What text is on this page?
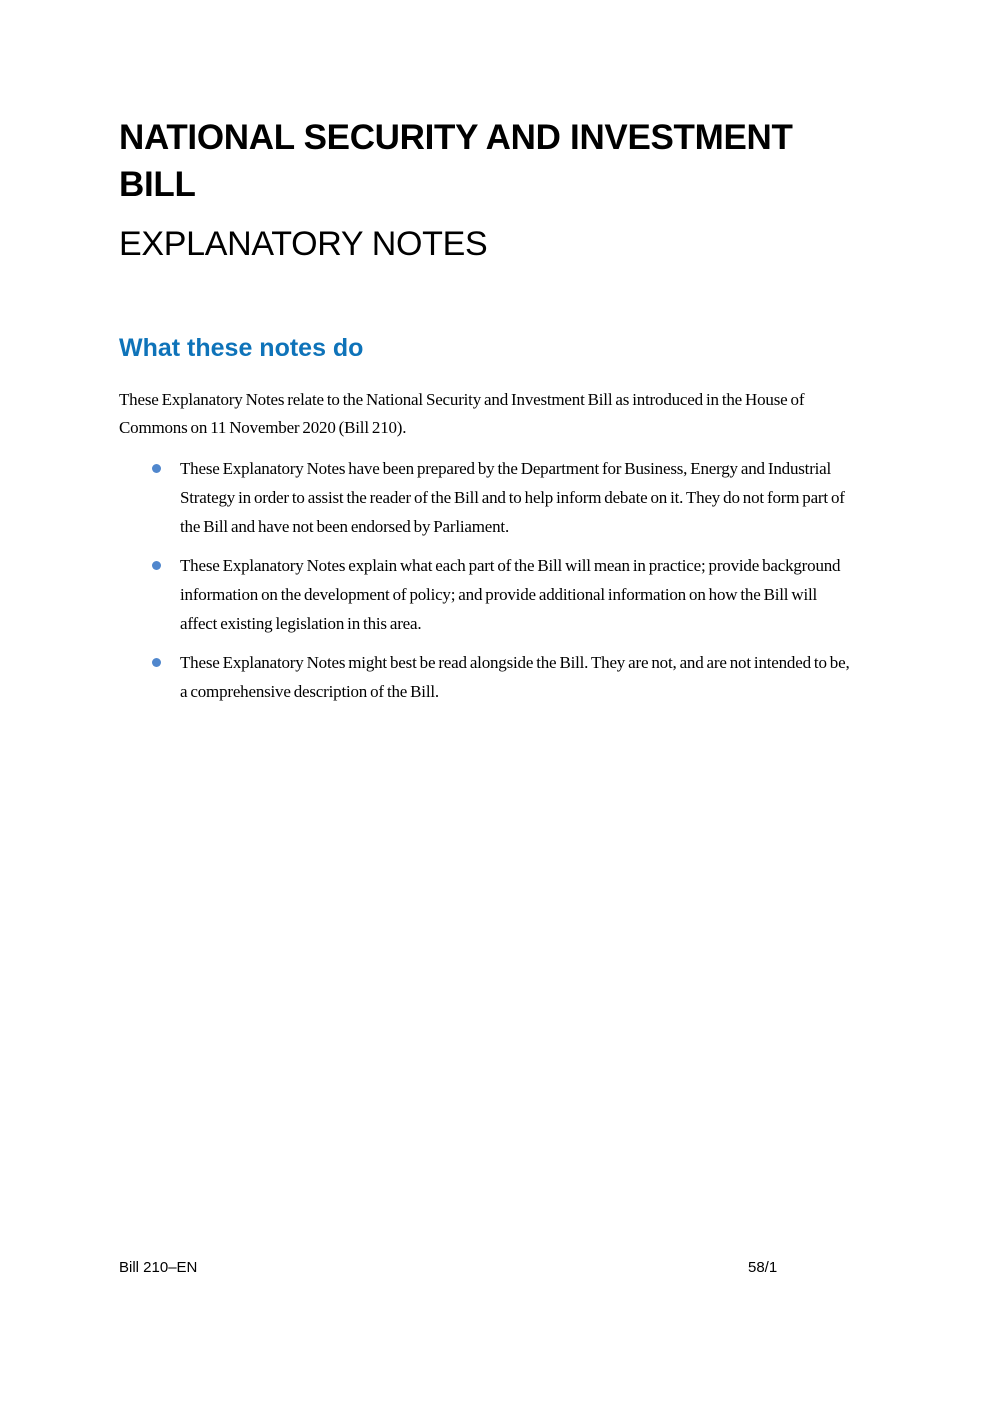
NATIONAL SECURITY AND INVESTMENT BILL
EXPLANATORY NOTES
What these notes do

These Explanatory Notes relate to the National Security and Investment Bill as introduced in the House of Commons on 11 November 2020 (Bill 210).

These Explanatory Notes have been prepared by the Department for Business, Energy and Industrial Strategy in order to assist the reader of the Bill and to help inform debate on it. They do not form part of the Bill and have not been endorsed by Parliament.
These Explanatory Notes explain what each part of the Bill will mean in practice; provide background information on the development of policy; and provide additional information on how the Bill will affect existing legislation in this area.
These Explanatory Notes might best be read alongside the Bill. They are not, and are not intended to be, a comprehensive description of the Bill.
Bill 210–EN	58/1
